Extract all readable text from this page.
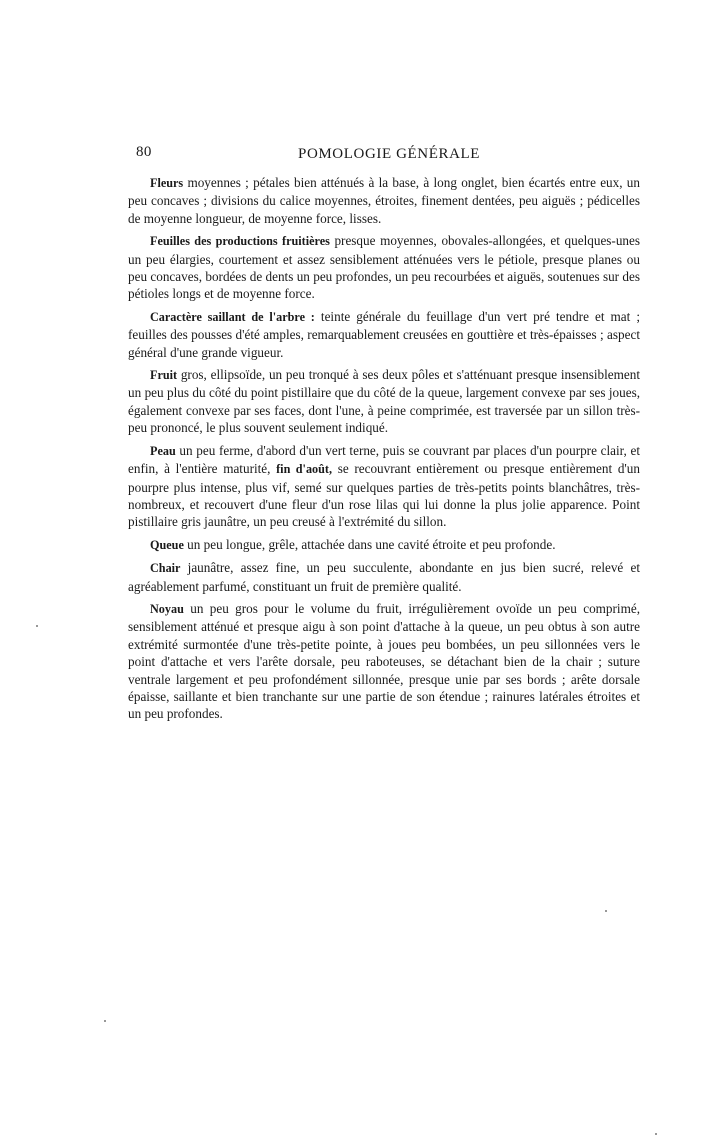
80	POMOLOGIE GÉNÉRALE

Fleurs moyennes ; pétales bien atténués à la base, à long onglet, bien écartés entre eux, un peu concaves ; divisions du calice moyennes, étroites, finement dentées, peu aiguës ; pédicelles de moyenne longueur, de moyenne force, lisses.

Feuilles des productions fruitières presque moyennes, obovales-allongées, et quelques-unes un peu élargies, courtement et assez sensiblement atténuées vers le pétiole, presque planes ou peu concaves, bordées de dents un peu profondes, un peu recourbées et aiguës, soutenues sur des pétioles longs et de moyenne force.

Caractère saillant de l'arbre : teinte générale du feuillage d'un vert pré tendre et mat ; feuilles des pousses d'été amples, remarquablement creusées en gouttière et très-épaisses ; aspect général d'une grande vigueur.

Fruit gros, ellipsoïde, un peu tronqué à ses deux pôles et s'atténuant presque insensiblement un peu plus du côté du point pistillaire que du côté de la queue, largement convexe par ses joues, également convexe par ses faces, dont l'une, à peine comprimée, est traversée par un sillon très-peu prononcé, le plus souvent seulement indiqué.

Peau un peu ferme, d'abord d'un vert terne, puis se couvrant par places d'un pourpre clair, et enfin, à l'entière maturité, fin d'août, se recouvrant entièrement ou presque entièrement d'un pourpre plus intense, plus vif, semé sur quelques parties de très-petits points blanchâtres, très-nombreux, et recouvert d'une fleur d'un rose lilas qui lui donne la plus jolie apparence. Point pistillaire gris jaunâtre, un peu creusé à l'extrémité du sillon.

Queue un peu longue, grêle, attachée dans une cavité étroite et peu profonde.

Chair jaunâtre, assez fine, un peu succulente, abondante en jus bien sucré, relevé et agréablement parfumé, constituant un fruit de première qualité.

Noyau un peu gros pour le volume du fruit, irrégulièrement ovoïde un peu comprimé, sensiblement atténué et presque aigu à son point d'attache à la queue, un peu obtus à son autre extrémité surmontée d'une très-petite pointe, à joues peu bombées, un peu sillonnées vers le point d'attache et vers l'arête dorsale, peu raboteuses, se détachant bien de la chair ; suture ventrale largement et peu profondément sillonnée, presque unie par ses bords ; arête dorsale épaisse, saillante et bien tranchante sur une partie de son étendue ; rainures latérales étroites et un peu profondes.
